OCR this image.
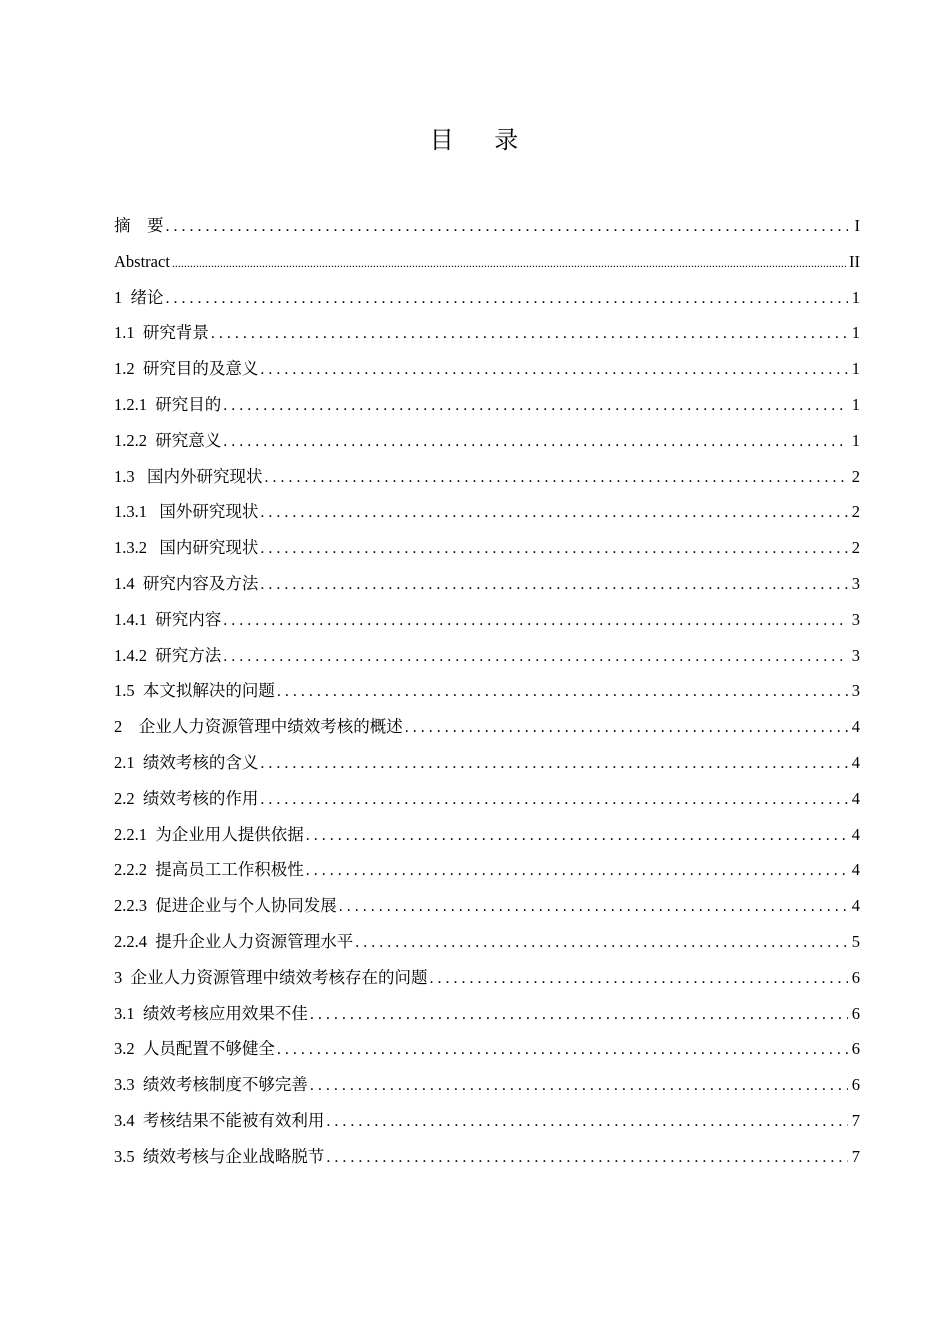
目    录
摘    要 . . .	I
Abstract .....	II
1  绪论 . . .	1
1.1  研究背景 . . .	1
1.2  研究目的及意义 . . .	1
1.2.1  研究目的 . . .	1
1.2.2  研究意义 . . .	1
1.3   国内外研究现状 . . .	2
1.3.1   国外研究现状 . . .	2
1.3.2   国内研究现状 . . .	2
1.4  研究内容及方法 . . .	3
1.4.1  研究内容 . . .	3
1.4.2  研究方法 . . .	3
1.5  本文拟解决的问题 . . .	3
2    企业人力资源管理中绩效考核的概述 . . .	4
2.1  绩效考核的含义 . . .	4
2.2  绩效考核的作用 . . .	4
2.2.1  为企业用人提供依据 . . .	4
2.2.2  提高员工工作积极性 . . .	4
2.2.3  促进企业与个人协同发展 . . .	4
2.2.4  提升企业人力资源管理水平 . . .	5
3  企业人力资源管理中绩效考核存在的问题 . . .	6
3.1  绩效考核应用效果不佳 . . .	6
3.2  人员配置不够健全 . . .	6
3.3  绩效考核制度不够完善 . . .	6
3.4  考核结果不能被有效利用 . . .	7
3.5  绩效考核与企业战略脱节 . . .	7
